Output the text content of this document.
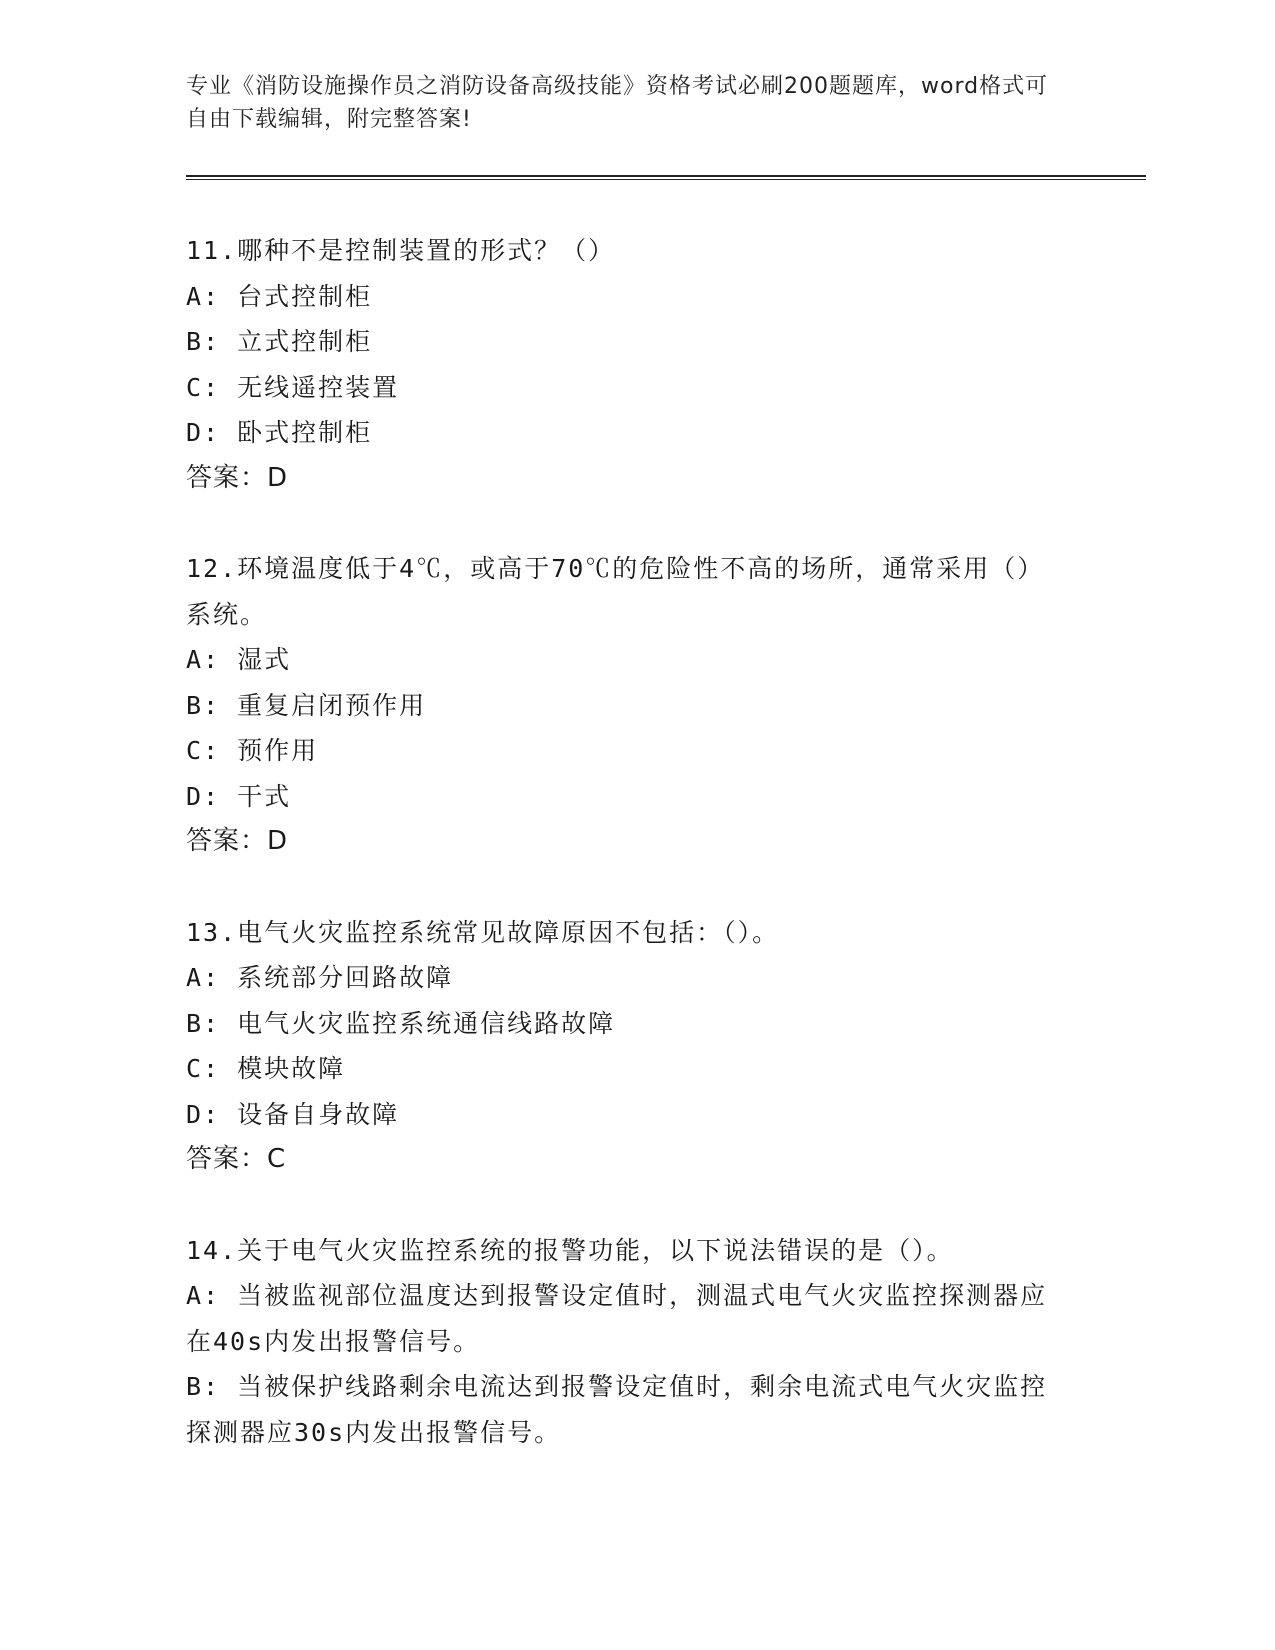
专业《消防设施操作员之消防设备高级技能》资格考试必刷200题题库，word格式可自由下载编辑，附完整答案!
11.哪种不是控制装置的形式？（）
A: 台式控制柜
B: 立式控制柜
C: 无线遥控装置
D: 卧式控制柜
答案：D
12.环境温度低于4℃，或高于70℃的危险性不高的场所，通常采用（）系统。
A: 湿式
B: 重复启闭预作用
C: 预作用
D: 干式
答案：D
13.电气火灾监控系统常见故障原因不包括：（）。
A: 系统部分回路故障
B: 电气火灾监控系统通信线路故障
C: 模块故障
D: 设备自身故障
答案：C
14.关于电气火灾监控系统的报警功能，以下说法错误的是（）。
A: 当被监视部位温度达到报警设定值时，测温式电气火灾监控探测器应在40s内发出报警信号。
B: 当被保护线路剩余电流达到报警设定值时，剩余电流式电气火灾监控探测器应30s内发出报警信号。
